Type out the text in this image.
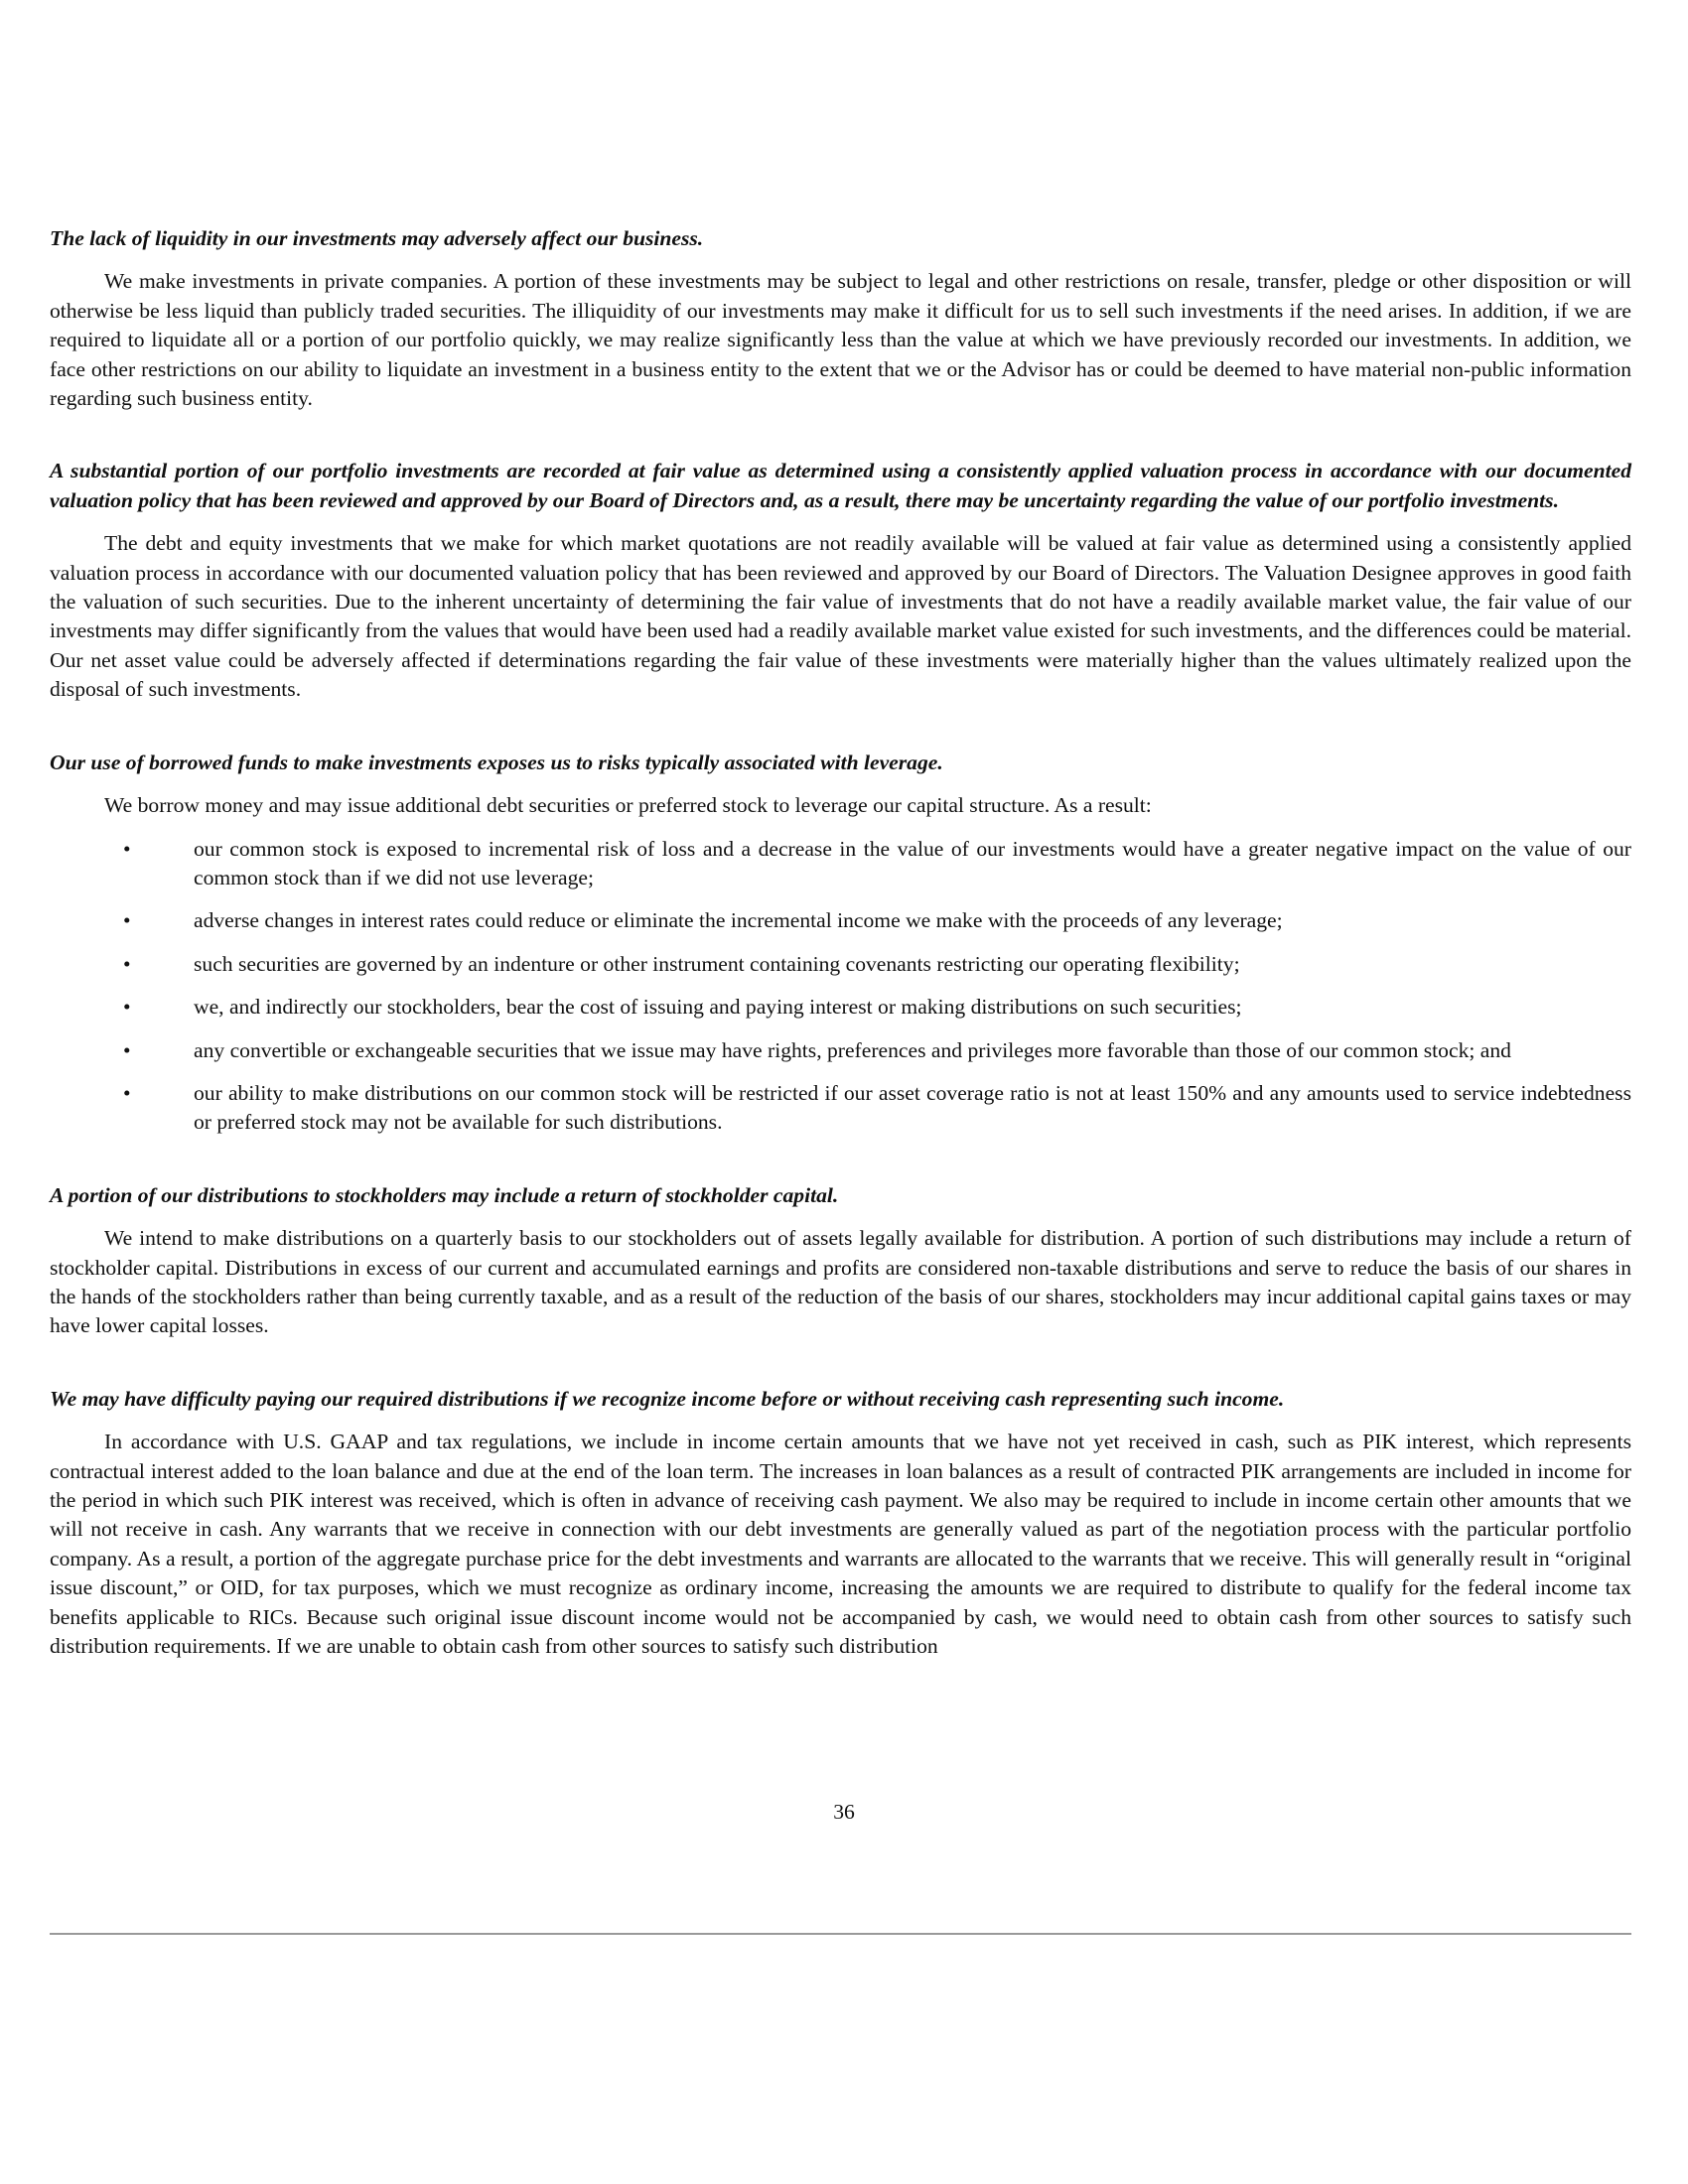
The lack of liquidity in our investments may adversely affect our business.

We make investments in private companies. A portion of these investments may be subject to legal and other restrictions on resale, transfer, pledge or other disposition or will otherwise be less liquid than publicly traded securities. The illiquidity of our investments may make it difficult for us to sell such investments if the need arises. In addition, if we are required to liquidate all or a portion of our portfolio quickly, we may realize significantly less than the value at which we have previously recorded our investments. In addition, we face other restrictions on our ability to liquidate an investment in a business entity to the extent that we or the Advisor has or could be deemed to have material non-public information regarding such business entity.

A substantial portion of our portfolio investments are recorded at fair value as determined using a consistently applied valuation process in accordance with our documented valuation policy that has been reviewed and approved by our Board of Directors and, as a result, there may be uncertainty regarding the value of our portfolio investments.

The debt and equity investments that we make for which market quotations are not readily available will be valued at fair value as determined using a consistently applied valuation process in accordance with our documented valuation policy that has been reviewed and approved by our Board of Directors. The Valuation Designee approves in good faith the valuation of such securities. Due to the inherent uncertainty of determining the fair value of investments that do not have a readily available market value, the fair value of our investments may differ significantly from the values that would have been used had a readily available market value existed for such investments, and the differences could be material. Our net asset value could be adversely affected if determinations regarding the fair value of these investments were materially higher than the values ultimately realized upon the disposal of such investments.

Our use of borrowed funds to make investments exposes us to risks typically associated with leverage.

We borrow money and may issue additional debt securities or preferred stock to leverage our capital structure. As a result:

•	our common stock is exposed to incremental risk of loss and a decrease in the value of our investments would have a greater negative impact on the value of our common stock than if we did not use leverage;
•	adverse changes in interest rates could reduce or eliminate the incremental income we make with the proceeds of any leverage;
•	such securities are governed by an indenture or other instrument containing covenants restricting our operating flexibility;
•	we, and indirectly our stockholders, bear the cost of issuing and paying interest or making distributions on such securities;
•	any convertible or exchangeable securities that we issue may have rights, preferences and privileges more favorable than those of our common stock; and
•	our ability to make distributions on our common stock will be restricted if our asset coverage ratio is not at least 150% and any amounts used to service indebtedness or preferred stock may not be available for such distributions.

A portion of our distributions to stockholders may include a return of stockholder capital.

We intend to make distributions on a quarterly basis to our stockholders out of assets legally available for distribution. A portion of such distributions may include a return of stockholder capital. Distributions in excess of our current and accumulated earnings and profits are considered non-taxable distributions and serve to reduce the basis of our shares in the hands of the stockholders rather than being currently taxable, and as a result of the reduction of the basis of our shares, stockholders may incur additional capital gains taxes or may have lower capital losses.

We may have difficulty paying our required distributions if we recognize income before or without receiving cash representing such income.

In accordance with U.S. GAAP and tax regulations, we include in income certain amounts that we have not yet received in cash, such as PIK interest, which represents contractual interest added to the loan balance and due at the end of the loan term. The increases in loan balances as a result of contracted PIK arrangements are included in income for the period in which such PIK interest was received, which is often in advance of receiving cash payment. We also may be required to include in income certain other amounts that we will not receive in cash. Any warrants that we receive in connection with our debt investments are generally valued as part of the negotiation process with the particular portfolio company. As a result, a portion of the aggregate purchase price for the debt investments and warrants are allocated to the warrants that we receive. This will generally result in “original issue discount,” or OID, for tax purposes, which we must recognize as ordinary income, increasing the amounts we are required to distribute to qualify for the federal income tax benefits applicable to RICs. Because such original issue discount income would not be accompanied by cash, we would need to obtain cash from other sources to satisfy such distribution requirements. If we are unable to obtain cash from other sources to satisfy such distribution

36
